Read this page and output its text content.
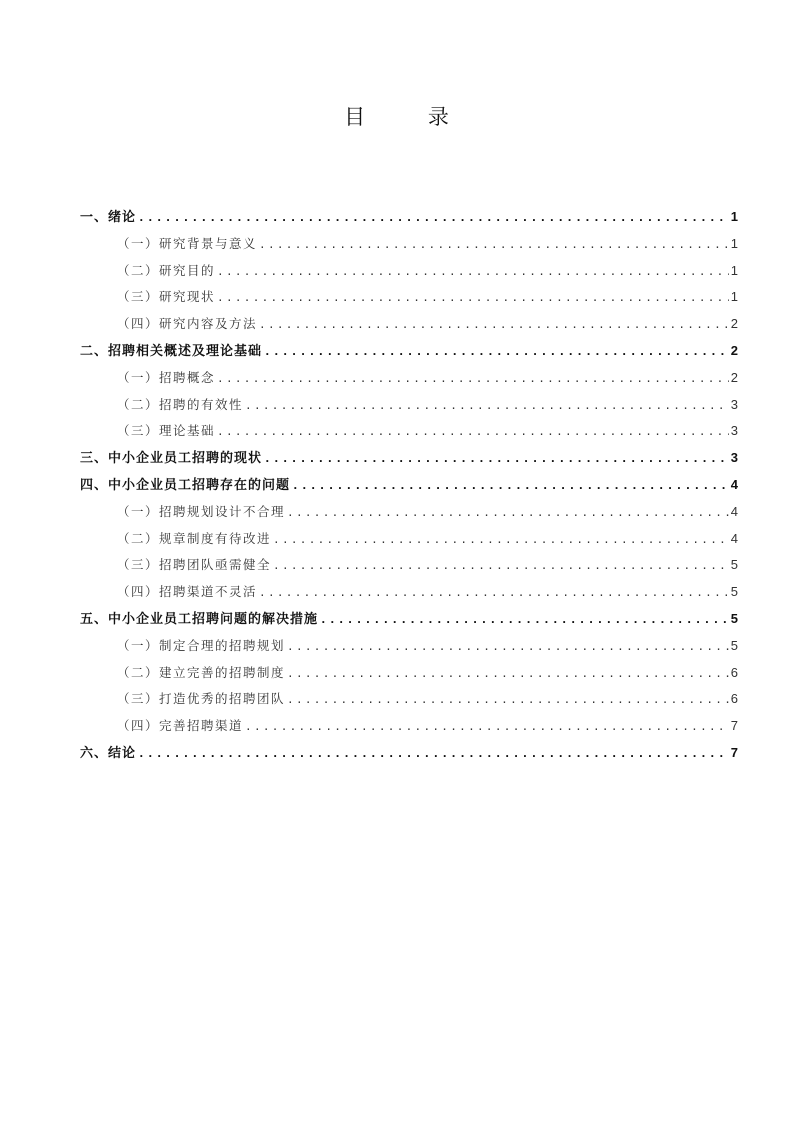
目 录
一、绪论 .....	1
（一）研究背景与意义 .....	1
（二）研究目的 .....	1
（三）研究现状 .....	1
（四）研究内容及方法 .....	2
二、招聘相关概述及理论基础 .....	2
（一）招聘概念 .....	2
（二）招聘的有效性 .....	3
（三）理论基础 .....	3
三、中小企业员工招聘的现状 .....	3
四、中小企业员工招聘存在的问题 .....	4
（一）招聘规划设计不合理 .....	4
（二）规章制度有待改进 .....	4
（三）招聘团队亟需健全 .....	5
（四）招聘渠道不灵活 .....	5
五、中小企业员工招聘问题的解决措施 .....	5
（一）制定合理的招聘规划 .....	5
（二）建立完善的招聘制度 .....	6
（三）打造优秀的招聘团队 .....	6
（四）完善招聘渠道 .....	7
六、结论 .....	7
